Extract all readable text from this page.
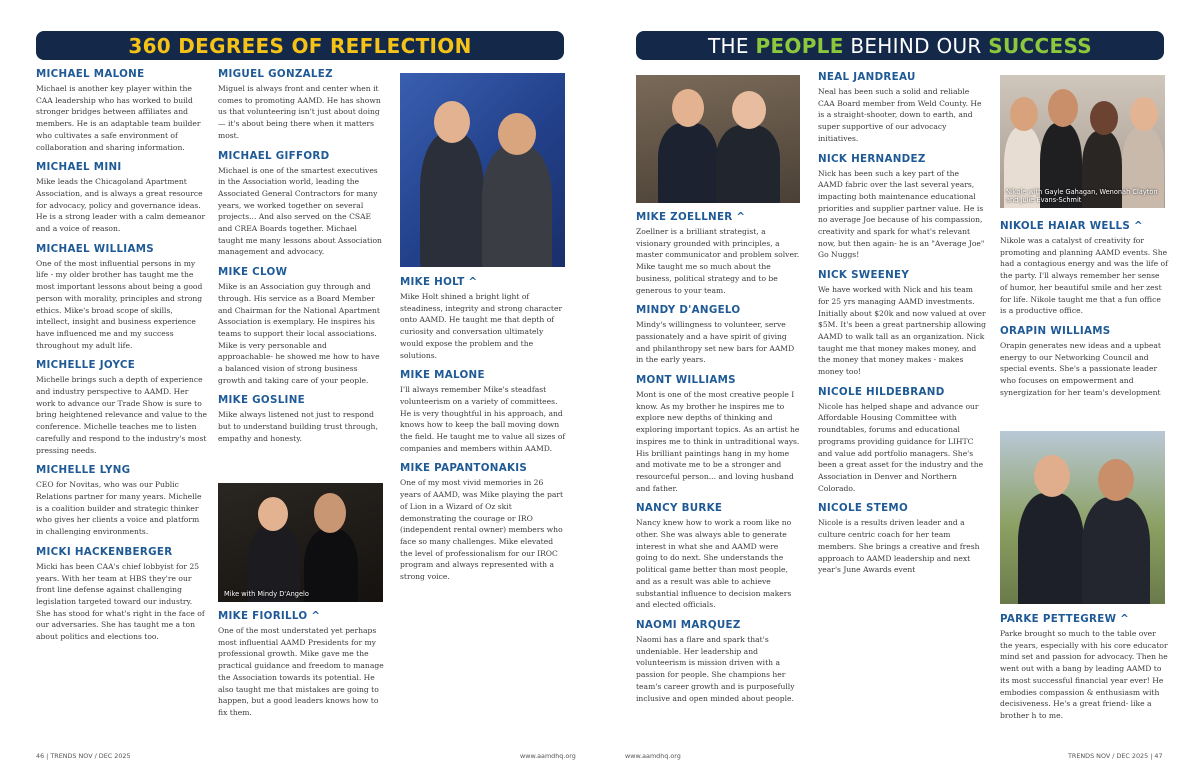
360 DEGREES OF REFLECTION
MICHAEL MALONE
Michael is another key player within the CAA leadership who has worked to build stronger bridges between affiliates and members. He is an adaptable team builder who cultivates a safe environment of collaboration and sharing information.
MICHAEL MINI
Mike leads the Chicagoland Apartment Association, and is always a great resource for advocacy, policy and governance ideas. He is a strong leader with a calm demeanor and a voice of reason.
MICHAEL WILLIAMS
One of the most influential persons in my life - my older brother has taught me the most important lessons about being a good person with morality, principles and strong ethics. Mike's broad scope of skills, intellect, insight and business experience have influenced me and my success throughout my adult life.
MICHELLE JOYCE
Michelle brings such a depth of experience and industry perspective to AAMD. Her work to advance our Trade Show is sure to bring heightened relevance and value to the conference. Michelle teaches me to listen carefully and respond to the industry's most pressing needs.
MICHELLE LYNG
CEO for Novitas, who was our Public Relations partner for many years. Michelle is a coalition builder and strategic thinker who gives her clients a voice and platform in challenging environments.
MICKI HACKENBERGER
Micki has been CAA's chief lobbyist for 25 years. With her team at HBS they're our front line defense against challenging legislation targeted toward our industry. She has stood for what's right in the face of our adversaries. She has taught me a ton about politics and elections too.
MIGUEL GONZALEZ
Miguel is always front and center when it comes to promoting AAMD. He has shown us that volunteering isn't just about doing — it's about being there when it matters most.
MICHAEL GIFFORD
Michael is one of the smartest executives in the Association world, leading the Associated General Contractors for many years, we worked together on several projects... And also served on the CSAE and CREA Boards together. Michael taught me many lessons about Association management and advocacy.
MIKE CLOW
Mike is an Association guy through and through. His service as a Board Member and Chairman for the National Apartment Association is exemplary. He inspires his teams to support their local associations. Mike is very personable and approachable- he showed me how to have a balanced vision of strong business growth and taking care of your people.
MIKE GOSLINE
Mike always listened not just to respond but to understand building trust through, empathy and honesty.
MIKE HOLT ^
Mike Holt shined a bright light of steadiness, integrity and strong character onto AAMD. He taught me that depth of curiosity and conversation ultimately would expose the problem and the solutions.
MIKE MALONE
I'll always remember Mike's steadfast volunteerism on a variety of committees. He is very thoughtful in his approach, and knows how to keep the ball moving down the field. He taught me to value all sizes of companies and members within AAMD.
MIKE PAPANTONAKIS
One of my most vivid memories in 26 years of AAMD, was Mike playing the part of Lion in a Wizard of Oz skit demonstrating the courage or IRO (independent rental owner) members who face so many challenges. Mike elevated the level of professionalism for our IROC program and always represented with a strong voice.
Mike with Mindy D'Angelo
MIKE FIORILLO ^
One of the most understated yet perhaps most influential AAMD Presidents for my professional growth. Mike gave me the practical guidance and freedom to manage the Association towards its potential. He also taught me that mistakes are going to happen, but a good leaders knows how to fix them.
46 | TRENDS NOV / DEC 2025	www.aamdhq.org
THE PEOPLE BEHIND OUR SUCCESS
MIKE ZOELLNER ^
Zoellner is a brilliant strategist, a visionary grounded with principles, a master communicator and problem solver. Mike taught me so much about the business, political strategy and to be generous to your team.
MINDY D'ANGELO
Mindy's willingness to volunteer, serve passionately and a have spirit of giving and philanthropy set new bars for AAMD in the early years.
MONT WILLIAMS
Mont is one of the most creative people I know. As my brother he inspires me to explore new depths of thinking and exploring important topics. As an artist he inspires me to think in untraditional ways. His brilliant paintings hang in my home and motivate me to be a stronger and resourceful person... and loving husband and father.
NANCY BURKE
Nancy knew how to work a room like no other. She was always able to generate interest in what she and AAMD were going to do next. She understands the political game better than most people, and as a result was able to achieve substantial influence to decision makers and elected officials.
NAOMI MARQUEZ
Naomi has a flare and spark that's undeniable. Her leadership and volunteerism is mission driven with a passion for people. She champions her team's career growth and is purposefully inclusive and open minded about people.
NEAL JANDREAU
Neal has been such a solid and reliable CAA Board member from Weld County. He is a straight-shooter, down to earth, and super supportive of our advocacy initiatives.
NICK HERNANDEZ
Nick has been such a key part of the AAMD fabric over the last several years, impacting both maintenance educational priorities and supplier partner value. He is no average Joe because of his compassion, creativity and spark for what's relevant now, but then again- he is an "Average Joe" Go Nuggs!
NICK SWEENEY
We have worked with Nick and his team for 25 yrs managing AAMD investments. Initially about $20k and now valued at over $5M. It's been a great partnership allowing AAMD to walk tall as an organization. Nick taught me that money makes money, and the money that money makes - makes money too!
NICOLE HILDEBRAND
Nicole has helped shape and advance our Affordable Housing Committee with roundtables, forums and educational programs providing guidance for LIHTC and value add portfolio managers. She's been a great asset for the industry and the Association in Denver and Northern Colorado.
NICOLE STEMO
Nicole is a results driven leader and a culture centric coach for her team members. She brings a creative and fresh approach to AAMD leadership and next year's June Awards event
Nikole with Gayle Gahagan, Wenonah Clayton and Julie Evans-Schmit
NIKOLE HAIAR WELLS ^
Nikole was a catalyst of creativity for promoting and planning AAMD events. She had a contagious energy and was the life of the party. I'll always remember her sense of humor, her beautiful smile and her zest for life. Nikole taught me that a fun office is a productive office.
ORAPIN WILLIAMS
Orapin generates new ideas and a upbeat energy to our Networking Council and special events. She's a passionate leader who focuses on empowerment and synergization for her team's development
PARKE PETTEGREW ^
Parke brought so much to the table over the years, especially with his core educator mind set and passion for advocacy. Then he went out with a bang by leading AAMD to its most successful financial year ever! He embodies compassion & enthusiasm with decisiveness. He's a great friend- like a brother h to me.
www.aamdhq.org	TRENDS NOV / DEC 2025 | 47
